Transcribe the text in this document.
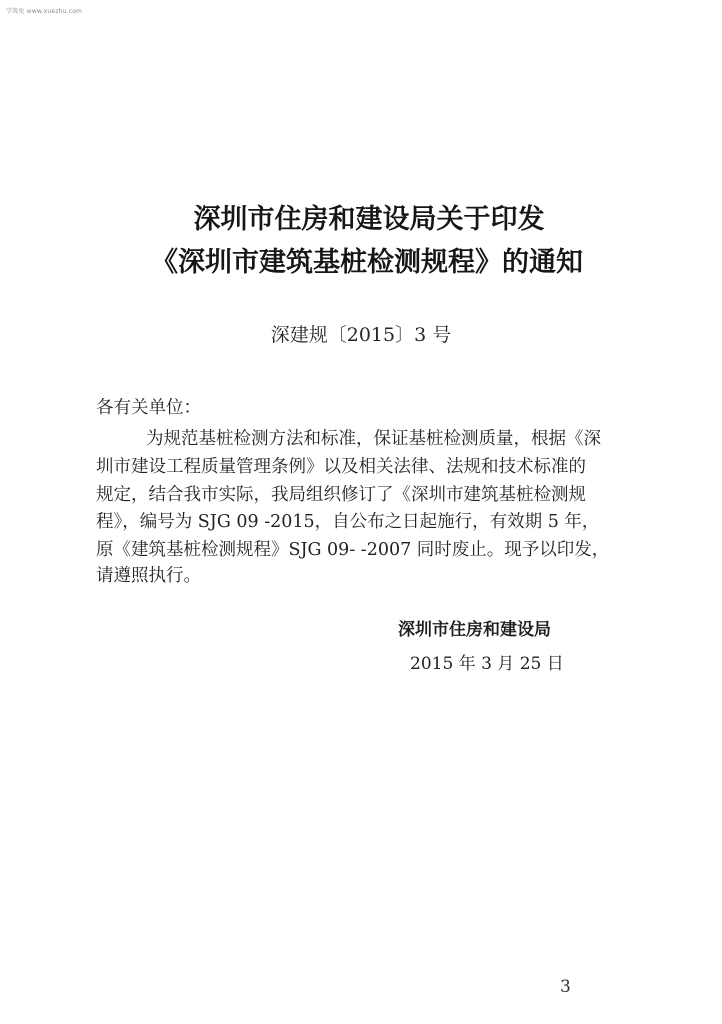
学筑免 www.xuezhu.com
深圳市住房和建设局关于印发
《深圳市建筑基桩检测规程》的通知
深建规〔2015〕3 号
各有关单位：
为规范基桩检测方法和标准，保证基桩检测质量，根据《深
圳市建设工程质量管理条例》以及相关法律、法规和技术标准的
规定，结合我市实际，我局组织修订了《深圳市建筑基桩检测规
程》，编号为 SJG 09 -2015，自公布之日起施行，有效期 5 年，
原《建筑基桩检测规程》SJG 09- -2007 同时废止。现予以印发，
请遵照执行。
深圳市住房和建设局
2015 年 3 月 25 日
3
